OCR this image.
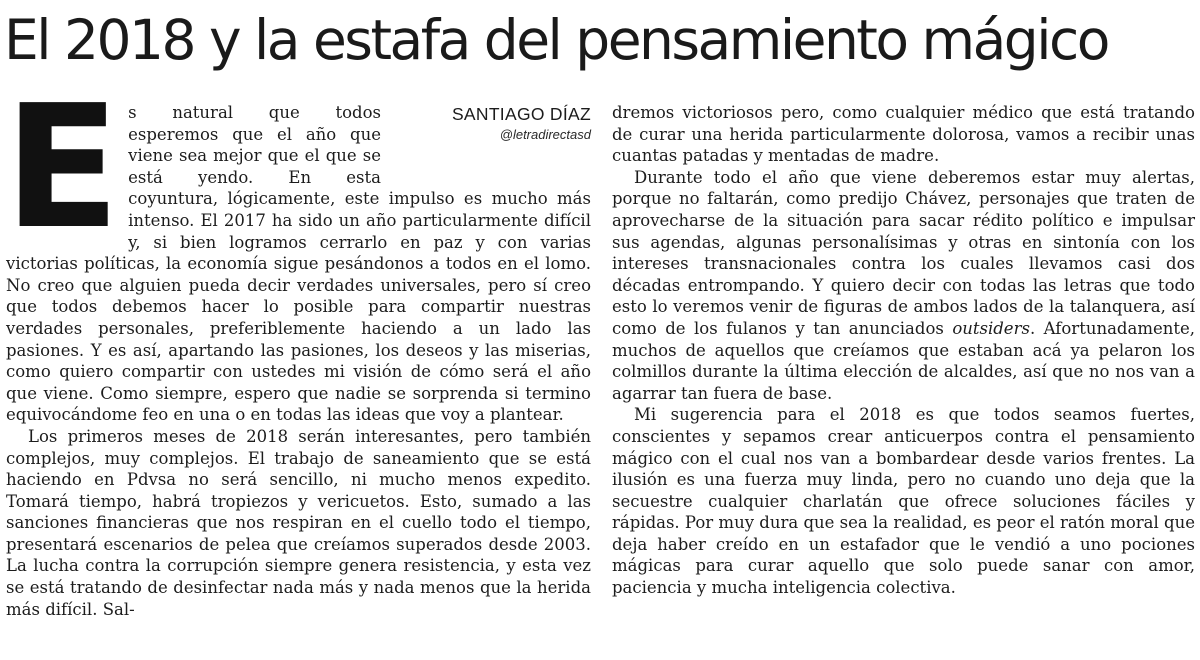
El 2018 y la estafa del pensamiento mágico
SANTIAGO DÍAZ
@letradirectasd
E s natural que todos esperemos que el año que viene sea mejor que el que se está yendo. En esta coyuntura, lógicamente, este impulso es mucho más intenso. El 2017 ha sido un año particularmente difícil y, si bien logramos cerrarlo en paz y con varias victorias políticas, la economía sigue pesándonos a todos en el lomo. No creo que alguien pueda decir verdades universales, pero sí creo que todos debemos hacer lo posible para compartir nuestras verdades personales, preferiblemente haciendo a un lado las pasiones. Y es así, apartando las pasiones, los deseos y las miserias, como quiero compartir con ustedes mi visión de cómo será el año que viene. Como siempre, espero que nadie se sorprenda si termino equivocándome feo en una o en todas las ideas que voy a plantear.

Los primeros meses de 2018 serán interesantes, pero también complejos, muy complejos. El trabajo de saneamiento que se está haciendo en Pdvsa no será sencillo, ni mucho menos expedito. Tomará tiempo, habrá tropiezos y vericuetos. Esto, sumado a las sanciones financieras que nos respiran en el cuello todo el tiempo, presentará escenarios de pelea que creíamos superados desde 2003. La lucha contra la corrupción siempre genera resistencia, y esta vez se está tratando de desinfectar nada más y nada menos que la herida más difícil. Sal-

dremos victoriosos pero, como cualquier médico que está tratando de curar una herida particularmente dolorosa, vamos a recibir unas cuantas patadas y mentadas de madre.

Durante todo el año que viene deberemos estar muy alertas, porque no faltarán, como predijo Chávez, personajes que traten de aprovecharse de la situación para sacar rédito político e impulsar sus agendas, algunas personalísimas y otras en sintonía con los intereses transnacionales contra los cuales llevamos casi dos décadas entrompando. Y quiero decir con todas las letras que todo esto lo veremos venir de figuras de ambos lados de la talanquera, así como de los fulanos y tan anunciados outsiders. Afortunadamente, muchos de aquellos que creíamos que estaban acá ya pelaron los colmillos durante la última elección de alcaldes, así que no nos van a agarrar tan fuera de base.

Mi sugerencia para el 2018 es que todos seamos fuertes, conscientes y sepamos crear anticuerpos contra el pensamiento mágico con el cual nos van a bombardear desde varios frentes. La ilusión es una fuerza muy linda, pero no cuando uno deja que la secuestre cualquier charlatán que ofrece soluciones fáciles y rápidas. Por muy dura que sea la realidad, es peor el ratón moral que deja haber creído en un estafador que le vendió a uno pociones mágicas para curar aquello que solo puede sanar con amor, paciencia y mucha inteligencia colectiva.
